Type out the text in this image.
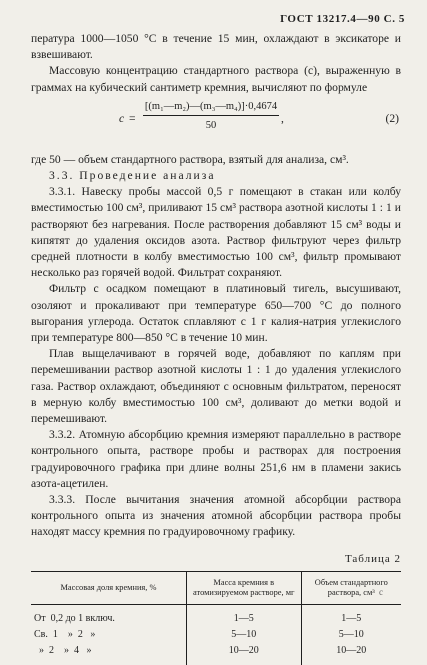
ГОСТ 13217.4—90 С. 5

пература 1000—1050 °С в течение 15 мин, охлаждают в эксикаторе и взвешивают.

Массовую концентрацию стандартного раствора (c), выраженную в граммах на кубический сантиметр кремния, вычисляют по формуле

c =
[(m₁—m₂)—(m₃—m₄)]·0,4674
50
,	(2)

где 50 — объем стандартного раствора, взятый для анализа, см³.

3.3. Проведение анализа

3.3.1. Навеску пробы массой 0,5 г помещают в стакан или колбу вместимостью 100 см³, приливают 15 см³ раствора азотной кислоты 1 : 1 и растворяют без нагревания. После растворения добавляют 15 см³ воды и кипятят до удаления оксидов азота. Раствор фильтруют через фильтр средней плотности в колбу вместимостью 100 см³, фильтр промывают несколько раз горячей водой. Фильтрат сохраняют.

Фильтр с осадком помещают в платиновый тигель, высушивают, озоляют и прокаливают при температуре 650—700 °С до полного выгорания углерода. Остаток сплавляют с 1 г калия-натрия углекислого при температуре 800—850 °С в течение 10 мин.

Плав выщелачивают в горячей воде, добавляют по каплям при перемешивании раствор азотной кислоты 1 : 1 до удаления углекислого газа. Раствор охлаждают, объединяют с основным фильтратом, переносят в мерную колбу вместимостью 100 см³, доливают до метки водой и перемешивают.

3.3.2. Атомную абсорбцию кремния измеряют параллельно в растворе контрольного опыта, растворе пробы и растворах для построения градуировочного графика при длине волны 251,6 нм в пламени закись азота-ацетилен.

3.3.3. После вычитания значения атомной абсорбции раствора контрольного опыта из значения атомной абсорбции раствора пробы находят массу кремния по градуировочному графику.

Таблица 2
Массовая доля кремния, %	Масса кремния в атомизируемом растворе, мг	Объем стандартного раствора, см³
От  0,2 до 1 включ.	1—5	1—5
Св.  1    »  2   »	5—10	5—10
»  2    »  4   »	10—20	10—20
с
